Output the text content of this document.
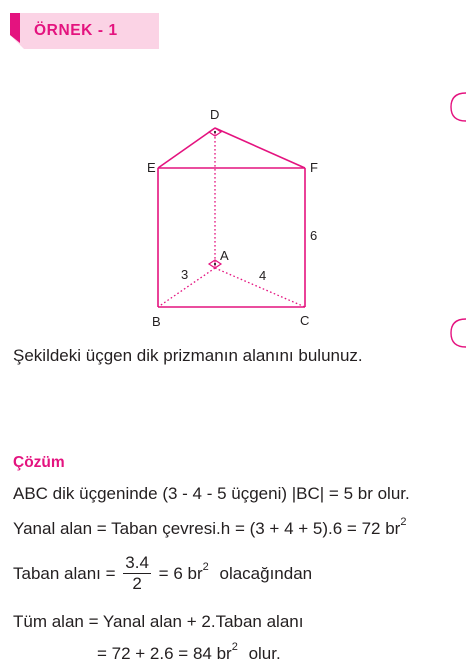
ÖRNEK - 1
D
E	F
6
A
3	4
B	C
Şekildeki üçgen dik prizmanın alanını bulunuz.
Çözüm
ABC dik üçgeninde (3 - 4 - 5 üçgeni) |BC| = 5 br olur.
Yanal alan = Taban çevresi.h = (3 + 4 + 5).6 = 72 $br^2$
Taban alanı = $\frac{3.4}{2} = 6$ $br^2$ olacağından
Tüm alan = Yanal alan + 2.Taban alanı
= 72 + 2.6 = 84 $br^2$ olur.
